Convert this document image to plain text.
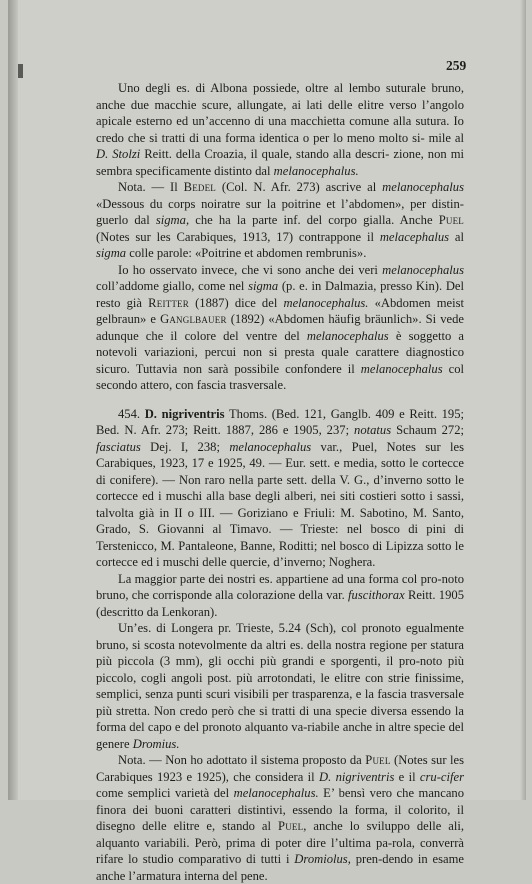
259

Uno degli es. di Albona possiede, oltre al lembo suturale bruno, anche due macchie scure, allungate, ai lati delle elitre verso l’angolo apicale esterno ed un’accenno di una macchietta comune alla sutura. Io credo che si tratti di una forma identica o per lo meno molto si- mile al D. Stolzi Reitt. della Croazia, il quale, stando alla descri- zione, non mi sembra specificamente distinto dal melanocephalus.

Nota. — Il Bedel (Col. N. Afr. 273) ascrive al melanocephalus «Dessous du corps noiratre sur la poitrine et l’abdomen», per distin-guerlo dal sigma, che ha la parte inf. del corpo gialla. Anche Puel (Notes sur les Carabiques, 1913, 17) contrappone il melacephalus al sigma colle parole: «Poitrine et abdomen rembrunis».

Io ho osservato invece, che vi sono anche dei veri melanocephalus coll’addome giallo, come nel sigma (p. e. in Dalmazia, presso Kin). Del resto già Reitter (1887) dice del melanocephalus. «Abdomen meist gelbraun» e Ganglbauer (1892) «Abdomen häufig bräunlich». Si vede adunque che il colore del ventre del melanocephalus è soggetto a notevoli variazioni, percui non si presta quale carattere diagnostico sicuro. Tuttavia non sarà possibile confondere il melanocephalus col secondo attero, con fascia trasversale.

454. D. nigriventris Thoms. (Bed. 121, Ganglb. 409 e Reitt. 195; Bed. N. Afr. 273; Reitt. 1887, 286 e 1905, 237; notatus Schaum 272; fasciatus Dej. I, 238; melanocephalus var., Puel, Notes sur les Carabiques, 1923, 17 e 1925, 49. — Eur. sett. e media, sotto le cortecce di conifere). — Non raro nella parte sett. della V. G., d’inverno sotto le cortecce ed i muschi alla base degli alberi, nei siti costieri sotto i sassi, talvolta già in II o III. — Goriziano e Friuli: M. Sabotino, M. Santo, Grado, S. Giovanni al Timavo. — Trieste: nel bosco di pini di Terstenicco, M. Pantaleone, Banne, Roditti; nel bosco di Lipizza sotto le cortecce ed i muschi delle quercie, d’inverno; Noghera.

La maggior parte dei nostri es. appartiene ad una forma col pro-noto bruno, che corrisponde alla colorazione della var. fuscithorax Reitt. 1905 (descritto da Lenkoran).

Un’es. di Longera pr. Trieste, 5.24 (Sch), col pronoto egualmente bruno, si scosta notevolmente da altri es. della nostra regione per statura più piccola (3 mm), gli occhi più grandi e sporgenti, il pro-noto più piccolo, cogli angoli post. più arrotondati, le elitre con strie finissime, semplici, senza punti scuri visibili per trasparenza, e la fascia trasversale più stretta. Non credo però che si tratti di una specie diversa essendo la forma del capo e del pronoto alquanto va-riabile anche in altre specie del genere Dromius.

Nota. — Non ho adottato il sistema proposto da Puel (Notes sur les Carabiques 1923 e 1925), che considera il D. nigriventris e il cru-cifer come semplici varietà del melanocephalus. E’ bensì vero che mancano finora dei buoni caratteri distintivi, essendo la forma, il colorito, il disegno delle elitre e, stando al Puel, anche lo sviluppo delle ali, alquanto variabili. Però, prima di poter dire l’ultima pa-rola, converrà rifare lo studio comparativo di tutti i Dromiolus, pren-dendo in esame anche l’armatura interna del pene.
